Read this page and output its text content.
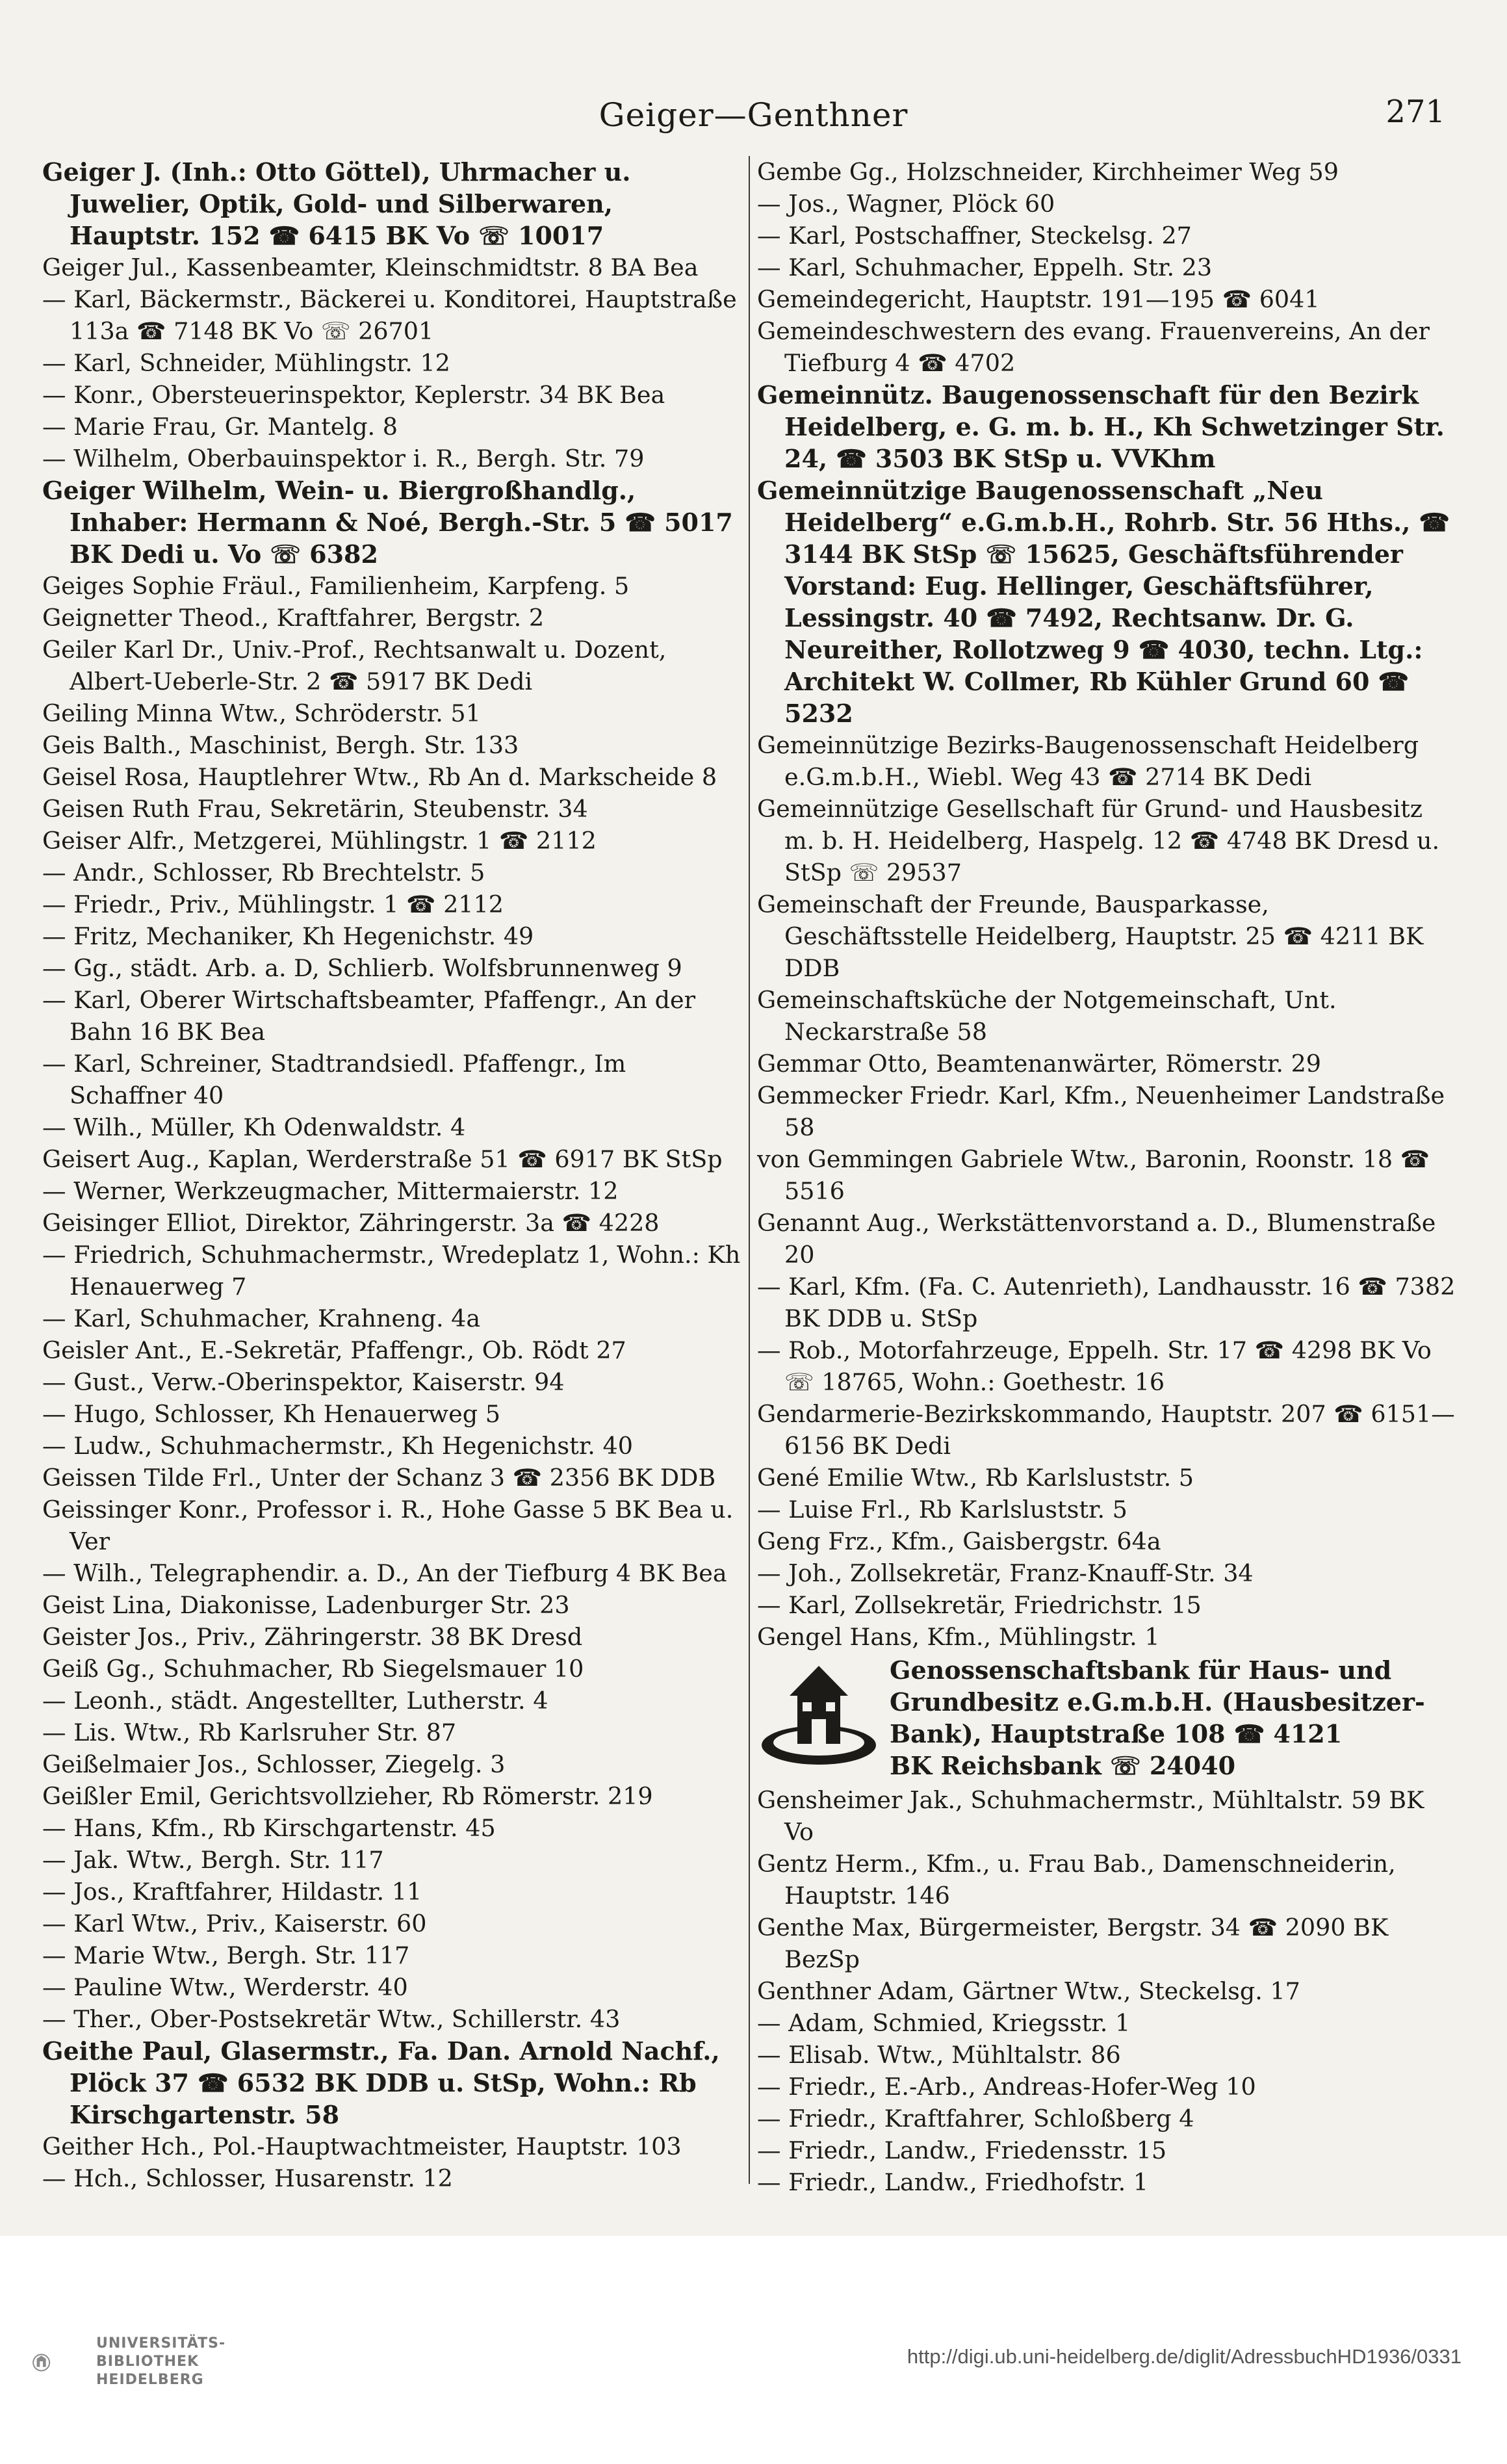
Geiger—Genthner	271

Geiger J. (Inh.: Otto Göttel), Uhrmacher u. Juwelier, Optik, Gold- und Silberwaren, Hauptstr. 152 ☎ 6415 BK Vo ☏ 10017

Geiger Jul., Kassenbeamter, Kleinschmidtstr. 8 BA Bea

— Karl, Bäckermstr., Bäckerei u. Konditorei, Hauptstraße 113a ☎ 7148 BK Vo ☏ 26701

— Karl, Schneider, Mühlingstr. 12

— Konr., Obersteuerinspektor, Keplerstr. 34 BK Bea

— Marie Frau, Gr. Mantelg. 8

— Wilhelm, Oberbauinspektor i. R., Bergh. Str. 79

Geiger Wilhelm, Wein- u. Biergroßhandlg., Inhaber: Hermann & Noé, Bergh.-Str. 5 ☎ 5017 BK Dedi u. Vo ☏ 6382

Geiges Sophie Fräul., Familienheim, Karpfeng. 5

Geignetter Theod., Kraftfahrer, Bergstr. 2

Geiler Karl Dr., Univ.-Prof., Rechtsanwalt u. Dozent, Albert-Ueberle-Str. 2 ☎ 5917 BK Dedi

Geiling Minna Wtw., Schröderstr. 51

Geis Balth., Maschinist, Bergh. Str. 133

Geisel Rosa, Hauptlehrer Wtw., Rb An d. Markscheide 8

Geisen Ruth Frau, Sekretärin, Steubenstr. 34

Geiser Alfr., Metzgerei, Mühlingstr. 1 ☎ 2112

— Andr., Schlosser, Rb Brechtelstr. 5

— Friedr., Priv., Mühlingstr. 1 ☎ 2112

— Fritz, Mechaniker, Kh Hegenichstr. 49

— Gg., städt. Arb. a. D, Schlierb. Wolfsbrunnenweg 9

— Karl, Oberer Wirtschaftsbeamter, Pfaffengr., An der Bahn 16 BK Bea

— Karl, Schreiner, Stadtrandsiedl. Pfaffengr., Im Schaffner 40

— Wilh., Müller, Kh Odenwaldstr. 4

Geisert Aug., Kaplan, Werderstraße 51 ☎ 6917 BK StSp

— Werner, Werkzeugmacher, Mittermaierstr. 12

Geisinger Elliot, Direktor, Zähringerstr. 3a ☎ 4228

— Friedrich, Schuhmachermstr., Wredeplatz 1, Wohn.: Kh Henauerweg 7

— Karl, Schuhmacher, Krahneng. 4a

Geisler Ant., E.-Sekretär, Pfaffengr., Ob. Rödt 27

— Gust., Verw.-Oberinspektor, Kaiserstr. 94

— Hugo, Schlosser, Kh Henauerweg 5

— Ludw., Schuhmachermstr., Kh Hegenichstr. 40

Geissen Tilde Frl., Unter der Schanz 3 ☎ 2356 BK DDB

Geissinger Konr., Professor i. R., Hohe Gasse 5 BK Bea u. Ver

— Wilh., Telegraphendir. a. D., An der Tiefburg 4 BK Bea

Geist Lina, Diakonisse, Ladenburger Str. 23

Geister Jos., Priv., Zähringerstr. 38 BK Dresd

Geiß Gg., Schuhmacher, Rb Siegelsmauer 10

— Leonh., städt. Angestellter, Lutherstr. 4

— Lis. Wtw., Rb Karlsruher Str. 87

Geißelmaier Jos., Schlosser, Ziegelg. 3

Geißler Emil, Gerichtsvollzieher, Rb Römerstr. 219

— Hans, Kfm., Rb Kirschgartenstr. 45

— Jak. Wtw., Bergh. Str. 117

— Jos., Kraftfahrer, Hildastr. 11

— Karl Wtw., Priv., Kaiserstr. 60

— Marie Wtw., Bergh. Str. 117

— Pauline Wtw., Werderstr. 40

— Ther., Ober-Postsekretär Wtw., Schillerstr. 43

Geithe Paul, Glasermstr., Fa. Dan. Arnold Nachf., Plöck 37 ☎ 6532 BK DDB u. StSp, Wohn.: Rb Kirschgartenstr. 58

Geither Hch., Pol.-Hauptwachtmeister, Hauptstr. 103

— Hch., Schlosser, Husarenstr. 12

Gembe Gg., Holzschneider, Kirchheimer Weg 59

— Jos., Wagner, Plöck 60

— Karl, Postschaffner, Steckelsg. 27

— Karl, Schuhmacher, Eppelh. Str. 23

Gemeindegericht, Hauptstr. 191—195 ☎ 6041

Gemeindeschwestern des evang. Frauenvereins, An der Tiefburg 4 ☎ 4702

Gemeinnütz. Baugenossenschaft für den Bezirk Heidelberg, e. G. m. b. H., Kh Schwetzinger Str. 24, ☎ 3503 BK StSp u. VVKhm

Gemeinnützige Baugenossenschaft „Neu Heidelberg“ e.G.m.b.H., Rohrb. Str. 56 Hths., ☎ 3144 BK StSp ☏ 15625, Geschäftsführender Vorstand: Eug. Hellinger, Geschäftsführer, Lessingstr. 40 ☎ 7492, Rechtsanw. Dr. G. Neureither, Rollotzweg 9 ☎ 4030, techn. Ltg.: Architekt W. Collmer, Rb Kühler Grund 60 ☎ 5232

Gemeinnützige Bezirks-Baugenossenschaft Heidelberg e.G.m.b.H., Wiebl. Weg 43 ☎ 2714 BK Dedi

Gemeinnützige Gesellschaft für Grund- und Hausbesitz m. b. H. Heidelberg, Haspelg. 12 ☎ 4748 BK Dresd u. StSp ☏ 29537

Gemeinschaft der Freunde, Bausparkasse, Geschäftsstelle Heidelberg, Hauptstr. 25 ☎ 4211 BK DDB

Gemeinschaftsküche der Notgemeinschaft, Unt. Neckarstraße 58

Gemmar Otto, Beamtenanwärter, Römerstr. 29

Gemmecker Friedr. Karl, Kfm., Neuenheimer Landstraße 58

von Gemmingen Gabriele Wtw., Baronin, Roonstr. 18 ☎ 5516

Genannt Aug., Werkstättenvorstand a. D., Blumenstraße 20

— Karl, Kfm. (Fa. C. Autenrieth), Landhausstr. 16 ☎ 7382 BK DDB u. StSp

— Rob., Motorfahrzeuge, Eppelh. Str. 17 ☎ 4298 BK Vo ☏ 18765, Wohn.: Goethestr. 16

Gendarmerie-Bezirkskommando, Hauptstr. 207 ☎ 6151—6156 BK Dedi

Gené Emilie Wtw., Rb Karlsluststr. 5

— Luise Frl., Rb Karlsluststr. 5

Geng Frz., Kfm., Gaisbergstr. 64a

— Joh., Zollsekretär, Franz-Knauff-Str. 34

— Karl, Zollsekretär, Friedrichstr. 15

Gengel Hans, Kfm., Mühlingstr. 1

Genossenschaftsbank für Haus- und Grundbesitz e.G.m.b.H. (Hausbesitzer-Bank), Hauptstraße 108 ☎ 4121
BK Reichsbank ☏ 24040

Gensheimer Jak., Schuhmachermstr., Mühltalstr. 59 BK Vo

Gentz Herm., Kfm., u. Frau Bab., Damenschneiderin, Hauptstr. 146

Genthe Max, Bürgermeister, Bergstr. 34 ☎ 2090 BK BezSp

Genthner Adam, Gärtner Wtw., Steckelsg. 17

— Adam, Schmied, Kriegsstr. 1

— Elisab. Wtw., Mühltalstr. 86

— Friedr., E.-Arb., Andreas-Hofer-Weg 10

— Friedr., Kraftfahrer, Schloßberg 4

— Friedr., Landw., Friedensstr. 15

— Friedr., Landw., Friedhofstr. 1

UNIVERSITÄTS-
BIBLIOTHEK
HEIDELBERG
http://digi.ub.uni-heidelberg.de/diglit/AdressbuchHD1936/0331
